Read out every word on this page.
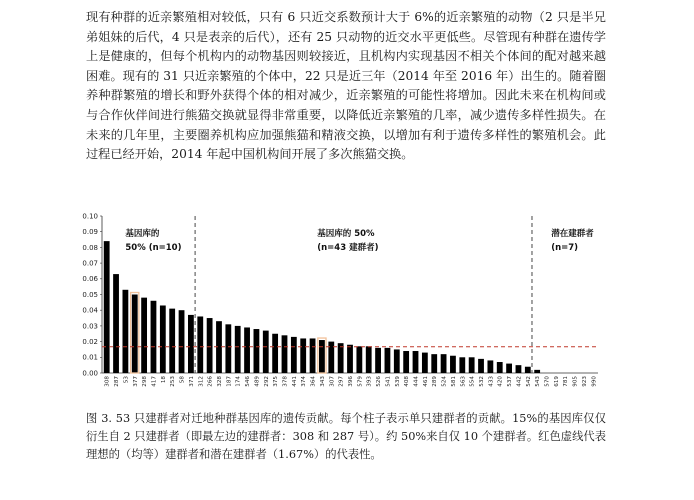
现有种群的近亲繁殖相对较低，只有 6 只近交系数预计大于 6%的近亲繁殖的动物（2 只是半兄弟姐妹的后代，4 只是表亲的后代），还有 25 只动物的近交水平更低些。尽管现有种群在遗传学上是健康的，但每个机构内的动物基因则较接近，且机构内实现基因不相关个体间的配对越来越困难。现有的 31 只近亲繁殖的个体中，22 只是近三年（2014 年至 2016 年）出生的。随着圈养种群繁殖的增长和野外获得个体的相对减少，近亲繁殖的可能性将增加。因此未来在机构间或与合作伙伴间进行熊猫交换就显得非常重要，以降低近亲繁殖的几率，减少遗传多样性损失。在未来的几年里，主要圈养机构应加强熊猫和精液交换，以增加有利于遗传多样性的繁殖机会。此过程已经开始，2014 年起中国机构间开展了多次熊猫交换。

0.00
0.01
0.02
0.03
0.04
0.05
0.06
0.07
0.08
0.09
0.10
308 287 53 377 298 417 18 253 58 371 312 266 328 187 174 546 489 292 375 378 441 374 364 343 307 297 396 579 393 526 541 539 408 444 461 289 524 581 563 554 532 433 420 537 442 542 543 570 619 781 905 923 990
基因库的
50% (n=10)
基因库的 50%
(n=43 建群者)
潜在建群者
(n=7)
图 3. 53 只建群者对迁地种群基因库的遗传贡献。每个柱子表示单只建群者的贡献。15%的基因库仅仅衍生自 2 只建群者（即最左边的建群者：308 和 287 号）。约 50%来自仅 10 个建群者。红色虚线代表理想的（均等）建群者和潜在建群者（1.67%）的代表性。
